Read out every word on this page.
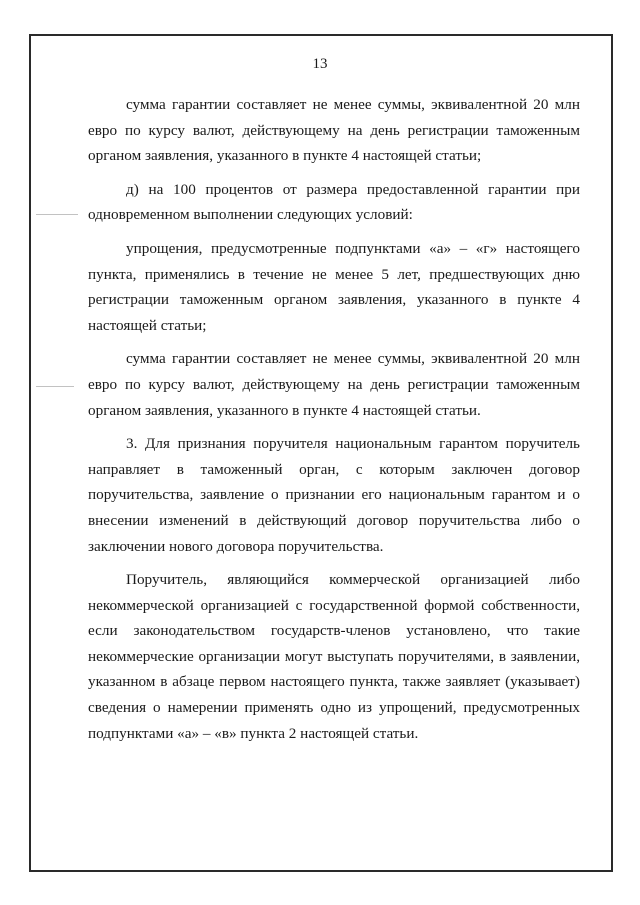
13

сумма гарантии составляет не менее суммы, эквивалентной 20 млн евро по курсу валют, действующему на день регистрации таможенным органом заявления, указанного в пункте 4 настоящей статьи;

д) на 100 процентов от размера предоставленной гарантии при одновременном выполнении следующих условий:

упрощения, предусмотренные подпунктами «а» – «г» настоящего пункта, применялись в течение не менее 5 лет, предшествующих дню регистрации таможенным органом заявления, указанного в пункте 4 настоящей статьи;

сумма гарантии составляет не менее суммы, эквивалентной 20 млн евро по курсу валют, действующему на день регистрации таможенным органом заявления, указанного в пункте 4 настоящей статьи.

3. Для признания поручителя национальным гарантом поручитель направляет в таможенный орган, с которым заключен договор поручительства, заявление о признании его национальным гарантом и о внесении изменений в действующий договор поручительства либо о заключении нового договора поручительства.

Поручитель, являющийся коммерческой организацией либо некоммерческой организацией с государственной формой собственности, если законодательством государств-членов установлено, что такие некоммерческие организации могут выступать поручителями, в заявлении, указанном в абзаце первом настоящего пункта, также заявляет (указывает) сведения о намерении применять одно из упрощений, предусмотренных подпунктами «а» – «в» пункта 2 настоящей статьи.
